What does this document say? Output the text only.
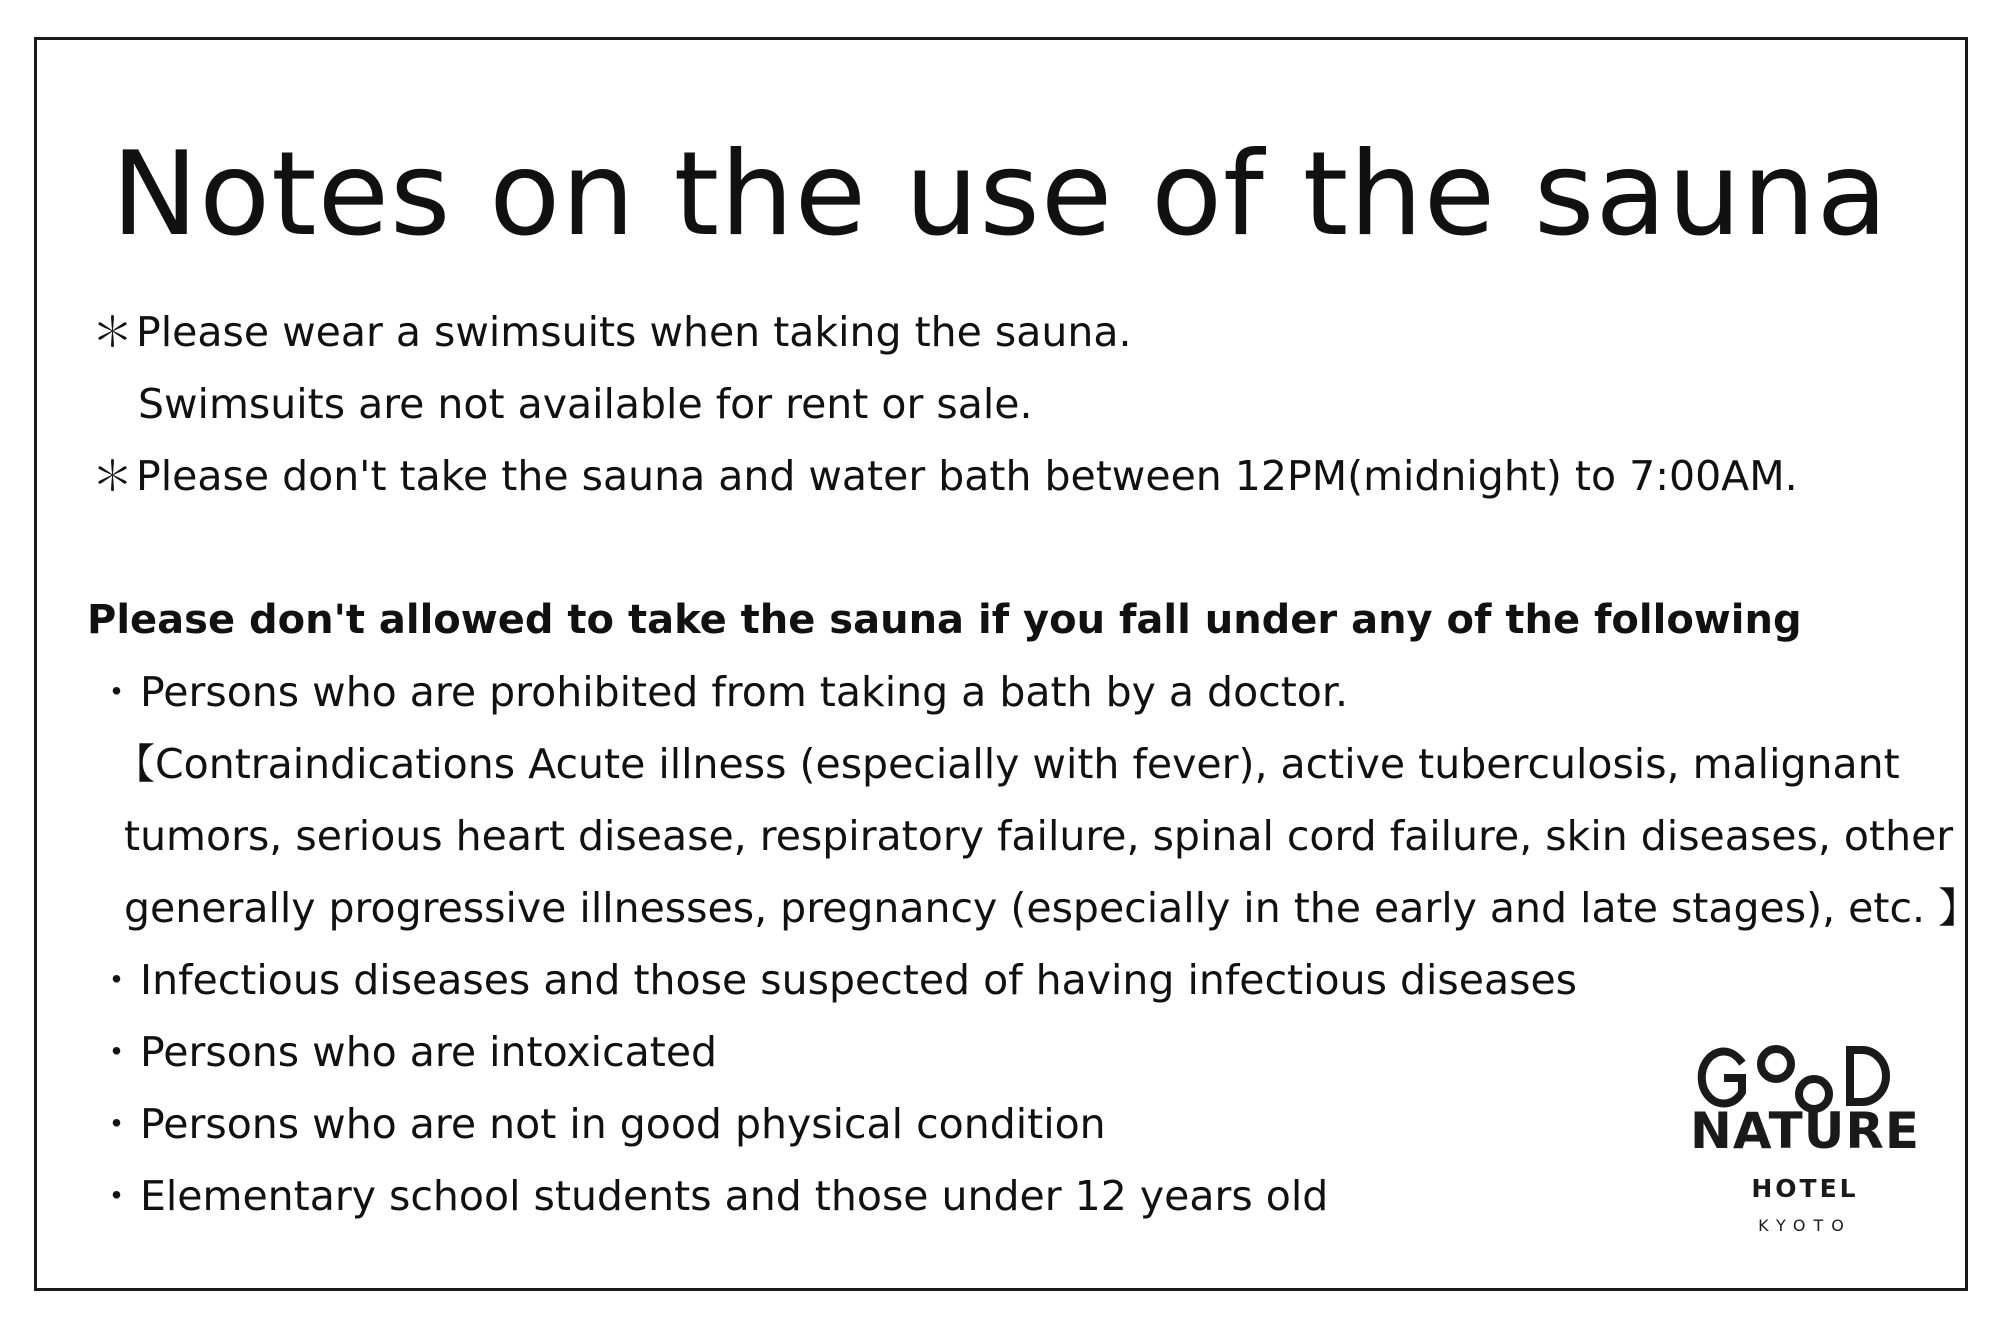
Notes on the use of the sauna
＊Please wear a swimsuits when taking the sauna.
Swimsuits are not available for rent or sale.
＊Please don't take the sauna and water bath between 12PM(midnight) to 7:00AM.
Please don't allowed to take the sauna if you fall under any of the following
・Persons who are prohibited from taking a bath by a doctor.
【Contraindications Acute illness (especially with fever), active tuberculosis, malignant
tumors, serious heart disease, respiratory failure, spinal cord failure, skin diseases, other
generally progressive illnesses, pregnancy (especially in the early and late stages), etc. 】
・Infectious diseases and those suspected of having infectious diseases
・Persons who are intoxicated
・Persons who are not in good physical condition
・Elementary school students and those under 12 years old
NATURE
HOTEL
KYOTO
